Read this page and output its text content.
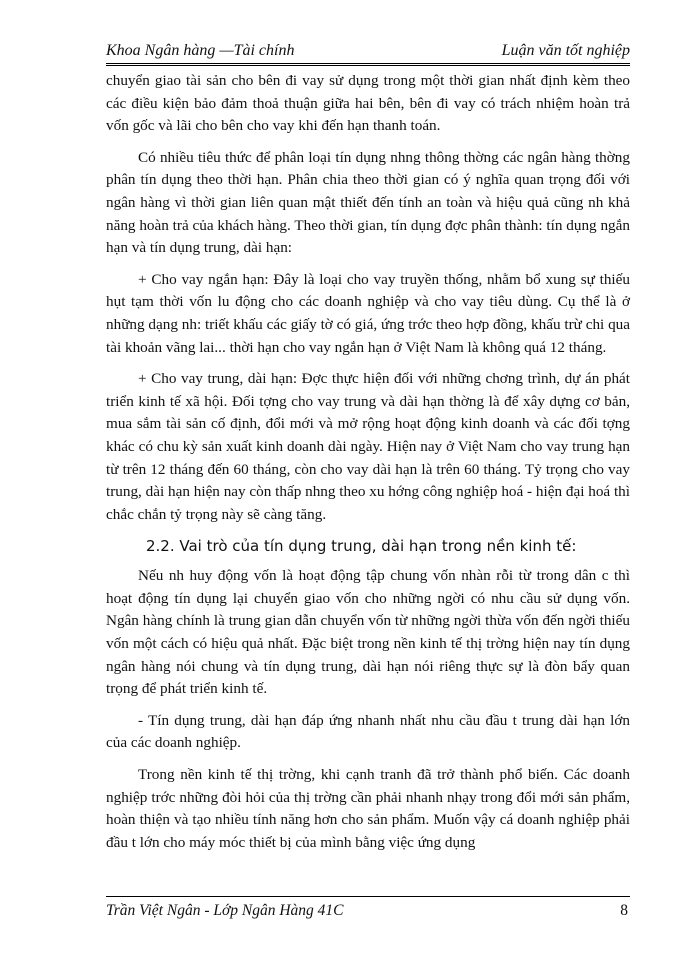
Khoa Ngân hàng —Tài chính	Luận văn tốt nghiệp

chuyển giao tài sản cho bên đi vay sử dụng trong một thời gian nhất định kèm theo các điều kiện bảo đảm thoả thuận giữa hai bên, bên đi vay có trách nhiệm hoàn trả vốn gốc và lãi cho bên cho vay khi đến hạn thanh toán.

Có nhiều tiêu thức để phân loại tín dụng nhng thông thờng các ngân hàng thờng phân tín dụng theo thời hạn. Phân chia theo thời gian có ý nghĩa quan trọng đối với ngân hàng vì thời gian liên quan mật thiết đến tính an toàn và hiệu quả cũng nh khả năng hoàn trả của khách hàng. Theo thời gian, tín dụng đợc phân thành: tín dụng ngắn hạn và tín dụng trung, dài hạn:

+ Cho vay ngắn hạn: Đây là loại cho vay truyền thống, nhằm bổ xung sự thiếu hụt tạm thời vốn lu động cho các doanh nghiệp và cho vay tiêu dùng. Cụ thể là ở những dạng nh: triết khấu các giấy tờ có giá, ứng trớc theo hợp đồng, khấu trừ chi qua tài khoản vãng lai... thời hạn cho vay ngắn hạn ở Việt Nam là không quá 12 tháng.

+ Cho vay trung, dài hạn: Đợc thực hiện đối với những chơng trình, dự án phát triển kinh tế xã hội. Đối tợng cho vay trung và dài hạn thờng là để xây dựng cơ bản, mua sắm tài sản cố định, đổi mới và mở rộng hoạt động kinh doanh và các đối tợng khác có chu kỳ sản xuất kinh doanh dài ngày. Hiện nay ở Việt Nam cho vay trung hạn từ trên 12 tháng đến 60 tháng, còn cho vay dài hạn là trên 60 tháng. Tỷ trọng cho vay trung, dài hạn hiện nay còn thấp nhng theo xu hớng công nghiệp hoá - hiện đại hoá thì chắc chắn tỷ trọng này sẽ càng tăng.

2.2. Vai trò của tín dụng trung, dài hạn trong nền kinh tế:

Nếu nh huy động vốn là hoạt động tập chung vốn nhàn rỗi từ trong dân c thì hoạt động tín dụng lại chuyển giao vốn cho những ngời có nhu cầu sử dụng vốn. Ngân hàng chính là trung gian dẫn chuyển vốn từ những ngời thừa vốn đến ngời thiếu vốn một cách có hiệu quả nhất. Đặc biệt trong nền kinh tế thị trờng hiện nay tín dụng ngân hàng nói chung và tín dụng trung, dài hạn nói riêng thực sự là đòn bẩy quan trọng để phát triển kinh tế.

- Tín dụng trung, dài hạn đáp ứng nhanh nhất nhu cầu đầu t trung dài hạn lớn của các doanh nghiệp.

Trong nền kinh tế thị trờng, khi cạnh tranh đã trở thành phổ biến. Các doanh nghiệp trớc những đòi hỏi của thị trờng cần phải nhanh nhạy trong đổi mới sản phẩm, hoàn thiện và tạo nhiều tính năng hơn cho sản phẩm. Muốn vậy cá doanh nghiệp phải đầu t lớn cho máy móc thiết bị của mình bằng việc ứng dụng

Trần Việt Ngân - Lớp Ngân Hàng 41C	8
